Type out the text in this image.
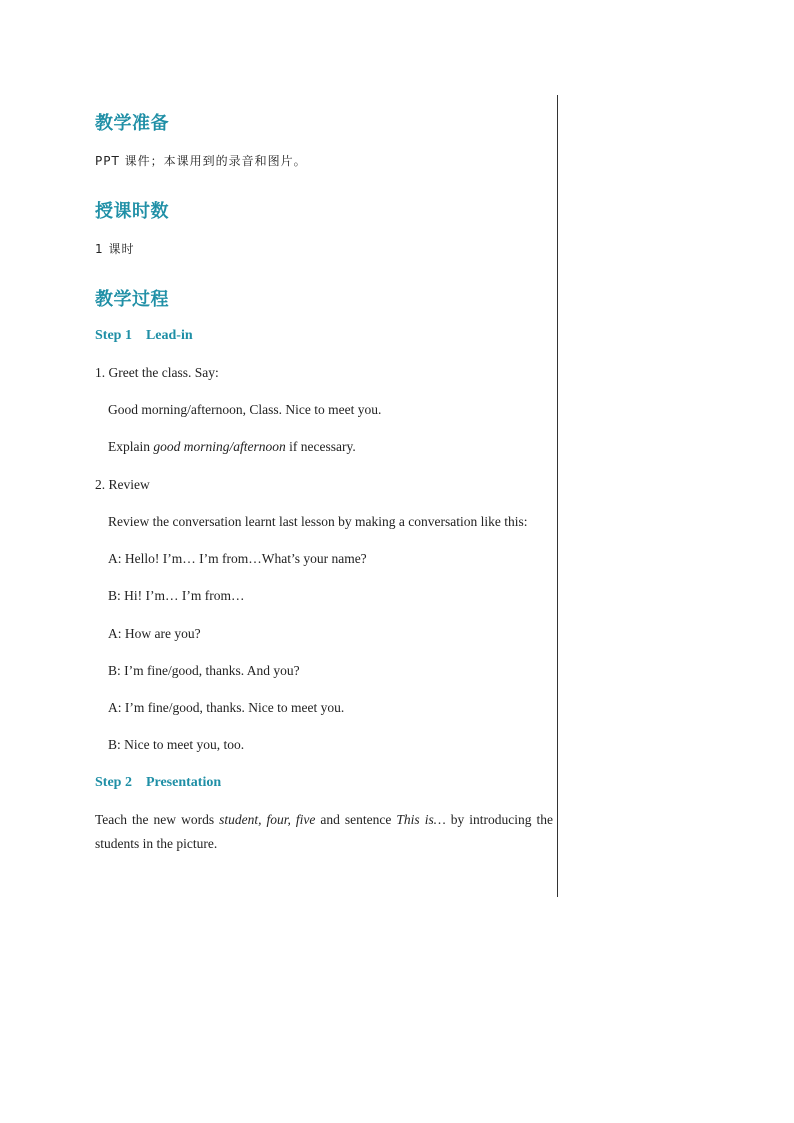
教学准备
PPT 课件；本课用到的录音和图片。
授课时数
1 课时
教学过程
Step 1 Lead-in
1. Greet the class. Say:
Good morning/afternoon, Class. Nice to meet you.
Explain good morning/afternoon if necessary.
2. Review
Review the conversation learnt last lesson by making a conversation like this:
A: Hello! I’m… I’m from…What’s your name?
B: Hi! I’m… I’m from…
A: How are you?
B: I’m fine/good, thanks. And you?
A: I’m fine/good, thanks. Nice to meet you.
B: Nice to meet you, too.
Step 2 Presentation
Teach the new words student, four, five and sentence This is… by introducing the students in the picture.
